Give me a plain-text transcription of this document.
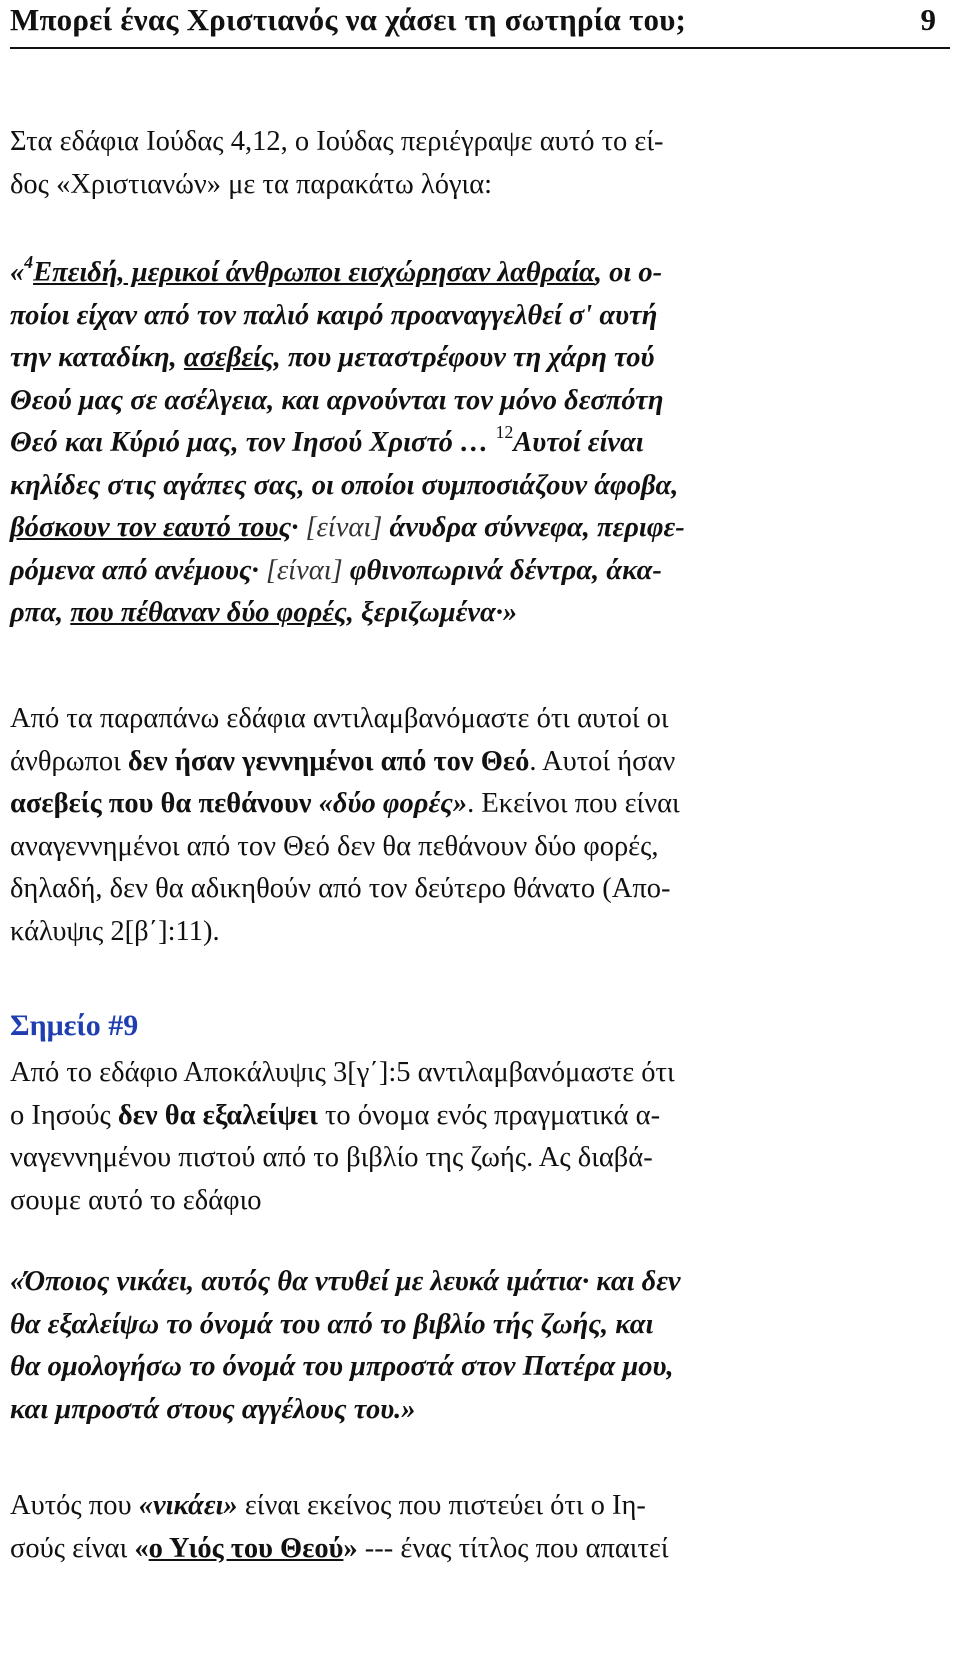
Μπορεί ένας Χριστιανός να χάσει τη σωτηρία του;	9

Στα εδάφια Ιούδας 4,12, ο Ιούδας περιέγραψε αυτό το εί-
δος «Χριστιανών» με τα παρακάτω λόγια:

«$^4$Επειδή, μερικοί άνθρωποι εισχώρησαν λαθραία, οι ο-
ποίοι είχαν από τον παλιό καιρό προαναγγελθεί σ' αυτή
την καταδίκη, ασεβείς, που μεταστρέφουν τη χάρη τού
Θεού μας σε ασέλγεια, και αρνούνται τον μόνο δεσπότη
Θεό και Κύριό μας, τον Ιησού Χριστό … $^{12}$Αυτοί είναι
κηλίδες στις αγάπες σας, οι οποίοι συμποσιάζουν άφοβα,
βόσκουν τον εαυτό τους· [είναι] άνυδρα σύννεφα, περιφε-
ρόμενα από ανέμους· [είναι] φθινοπωρινά δέντρα, άκα-
ρπα, που πέθαναν δύο φορές, ξεριζωμένα·»

Από τα παραπάνω εδάφια αντιλαμβανόμαστε ότι αυτοί οι
άνθρωποι δεν ήσαν γεννημένοι από τον Θεό. Αυτοί ήσαν
ασεβείς που θα πεθάνουν «δύο φορές». Εκείνοι που είναι
αναγεννημένοι από τον Θεό δεν θα πεθάνουν δύο φορές,
δηλαδή, δεν θα αδικηθούν από τον δεύτερο θάνατο (Απο-
κάλυψις 2[β΄]:11).

Σημείο #9

Από το εδάφιο Αποκάλυψις 3[γ΄]:5 αντιλαμβανόμαστε ότι
ο Ιησούς δεν θα εξαλείψει το όνομα ενός πραγματικά α-
ναγεννημένου πιστού από το βιβλίο της ζωής. Ας διαβά-
σουμε αυτό το εδάφιο

«Όποιος νικάει, αυτός θα ντυθεί με λευκά ιμάτια· και δεν
θα εξαλείψω το όνομά του από το βιβλίο τής ζωής, και
θα ομολογήσω το όνομά του μπροστά στον Πατέρα μου,
και μπροστά στους αγγέλους του.»

Αυτός που «νικάει» είναι εκείνος που πιστεύει ότι ο Ιη-
σούς είναι «ο Υιός του Θεού» --- ένας τίτλος που απαιτεί
